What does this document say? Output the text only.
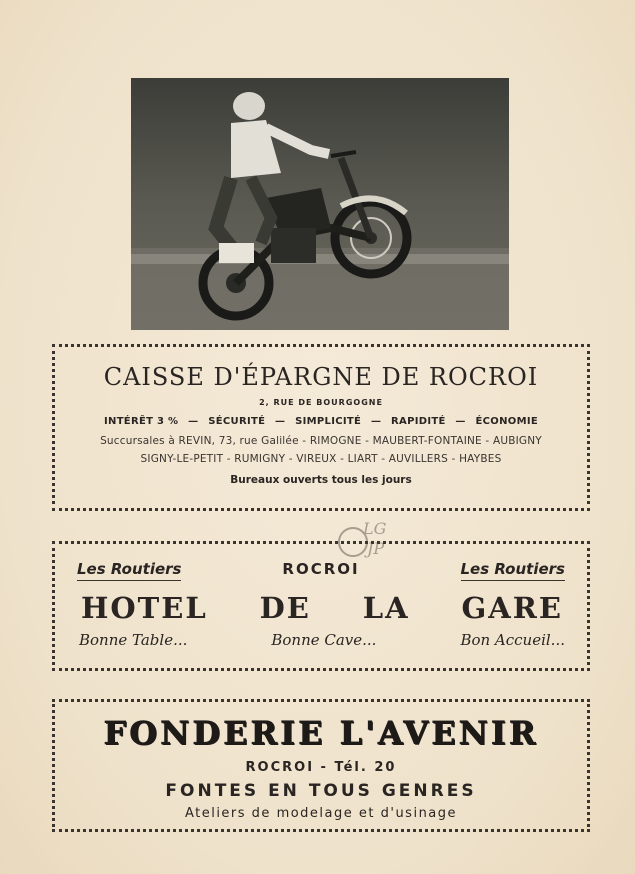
CAISSE D'ÉPARGNE DE ROCROI
2, RUE DE BOURGOGNE
INTÉRÊT 3 % — SÉCURITÉ — SIMPLICITÉ — RAPIDITÉ — ÉCONOMIE
Succursales à REVIN, 73, rue Galilée - RIMOGNE - MAUBERT-FONTAINE - AUBIGNY
SIGNY-LE-PETIT - RUMIGNY - VIREUX - LIART - AUVILLERS - HAYBES
Bureaux ouverts tous les jours
LG
JP
Les Routiers	ROCROI	Les Routiers
HOTEL DE LA GARE
Bonne Table...	Bonne Cave...	Bon Accueil...
FONDERIE L'AVENIR
ROCROI - Tél. 20
FONTES EN TOUS GENRES
Ateliers de modelage et d'usinage
